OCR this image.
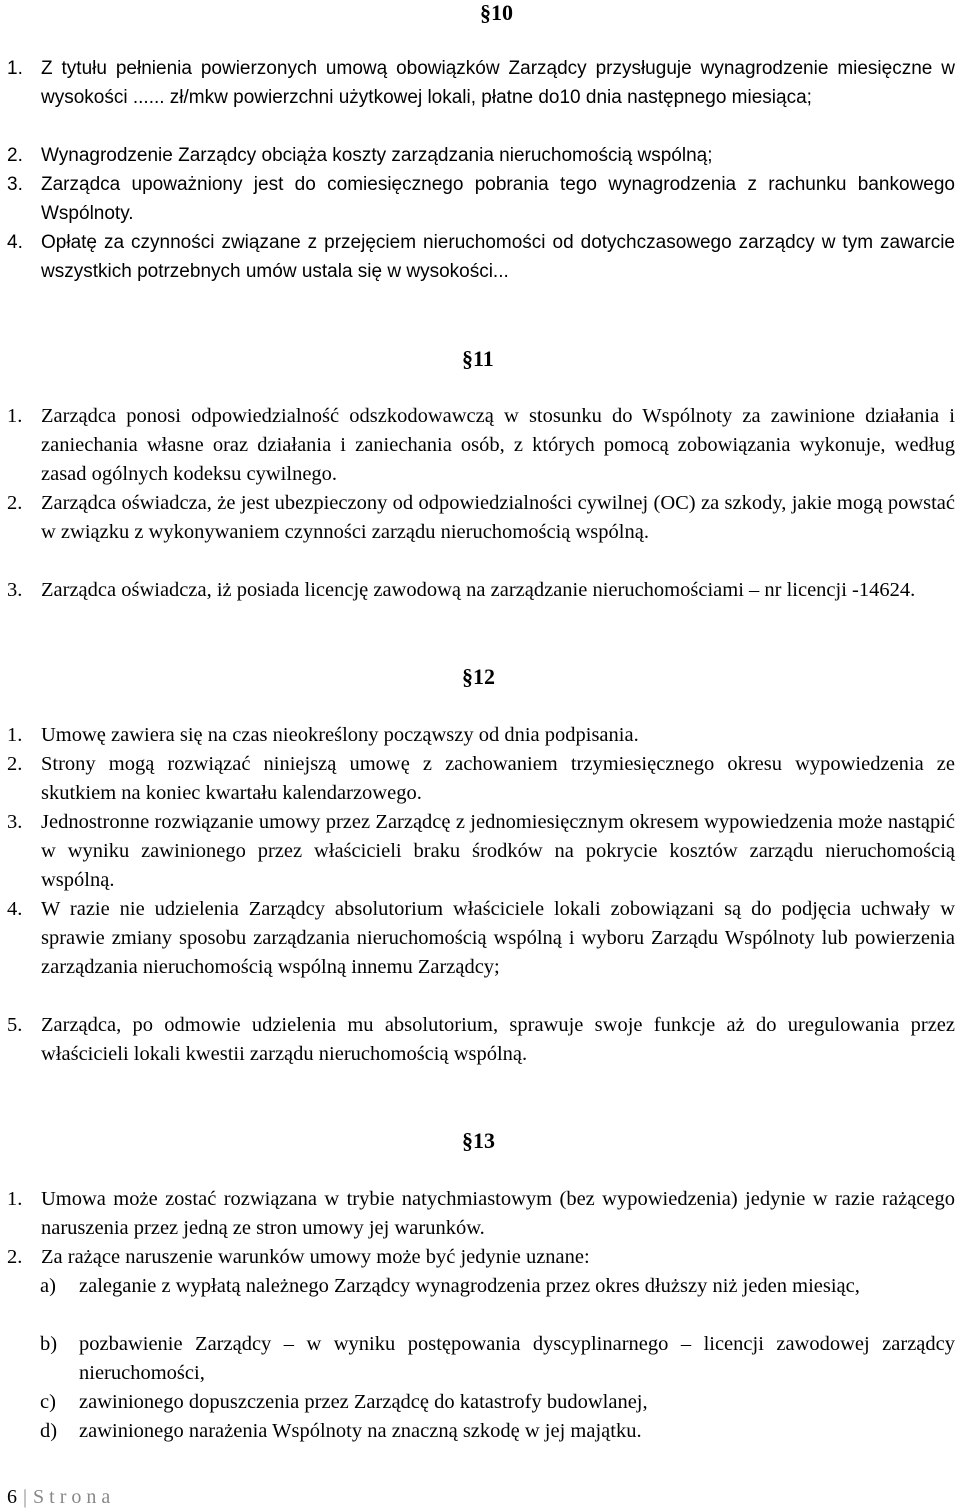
§10
1. Z tytułu pełnienia powierzonych umową obowiązków Zarządcy przysługuje wynagrodzenie miesięczne w wysokości ...... zł/mkw powierzchni użytkowej lokali, płatne do10 dnia następnego miesiąca;
2. Wynagrodzenie Zarządcy obciąża koszty zarządzania nieruchomością wspólną;
3. Zarządca upoważniony jest do comiesięcznego pobrania tego wynagrodzenia z rachunku bankowego Wspólnoty.
4. Opłatę za czynności związane z przejęciem nieruchomości od dotychczasowego zarządcy w tym zawarcie wszystkich potrzebnych umów ustala się w wysokości...
§11
1. Zarządca ponosi odpowiedzialność odszkodowawczą w stosunku do Wspólnoty za zawinione działania i zaniechania własne oraz działania i zaniechania osób, z których pomocą zobowiązania wykonuje, według zasad ogólnych kodeksu cywilnego.
2. Zarządca oświadcza, że jest ubezpieczony od odpowiedzialności cywilnej (OC) za szkody, jakie mogą powstać w związku z wykonywaniem czynności zarządu nieruchomością wspólną.
3. Zarządca oświadcza, iż posiada licencję zawodową na zarządzanie nieruchomościami – nr licencji -14624.
§12
1. Umowę zawiera się na czas nieokreślony począwszy od dnia podpisania.
2. Strony mogą rozwiązać niniejszą umowę z zachowaniem trzymiesięcznego okresu wypowiedzenia ze skutkiem na koniec kwartału kalendarzowego.
3. Jednostronne rozwiązanie umowy przez Zarządcę z jednomiesięcznym okresem wypowiedzenia może nastąpić w wyniku zawinionego przez właścicieli braku środków na pokrycie kosztów zarządu nieruchomością wspólną.
4. W razie nie udzielenia Zarządcy absolutorium właściciele lokali zobowiązani są do podjęcia uchwały w sprawie zmiany sposobu zarządzania nieruchomością wspólną i wyboru Zarządu Wspólnoty lub powierzenia zarządzania nieruchomością wspólną innemu Zarządcy;
5. Zarządca, po odmowie udzielenia mu absolutorium, sprawuje swoje funkcje aż do uregulowania przez właścicieli lokali kwestii zarządu nieruchomością wspólną.
§13
1. Umowa może zostać rozwiązana w trybie natychmiastowym (bez wypowiedzenia) jedynie w razie rażącego naruszenia przez jedną ze stron umowy jej warunków.
2. Za rażące naruszenie warunków umowy może być jedynie uznane:
a) zaleganie z wypłatą należnego Zarządcy wynagrodzenia przez okres dłuższy niż jeden miesiąc,
b) pozbawienie Zarządcy – w wyniku postępowania dyscyplinarnego – licencji zawodowej zarządcy nieruchomości,
c) zawinionego dopuszczenia przez Zarządcę do katastrofy budowlanej,
d) zawinionego narażenia Wspólnoty na znaczną szkodę w jej majątku.
6 | Strona
